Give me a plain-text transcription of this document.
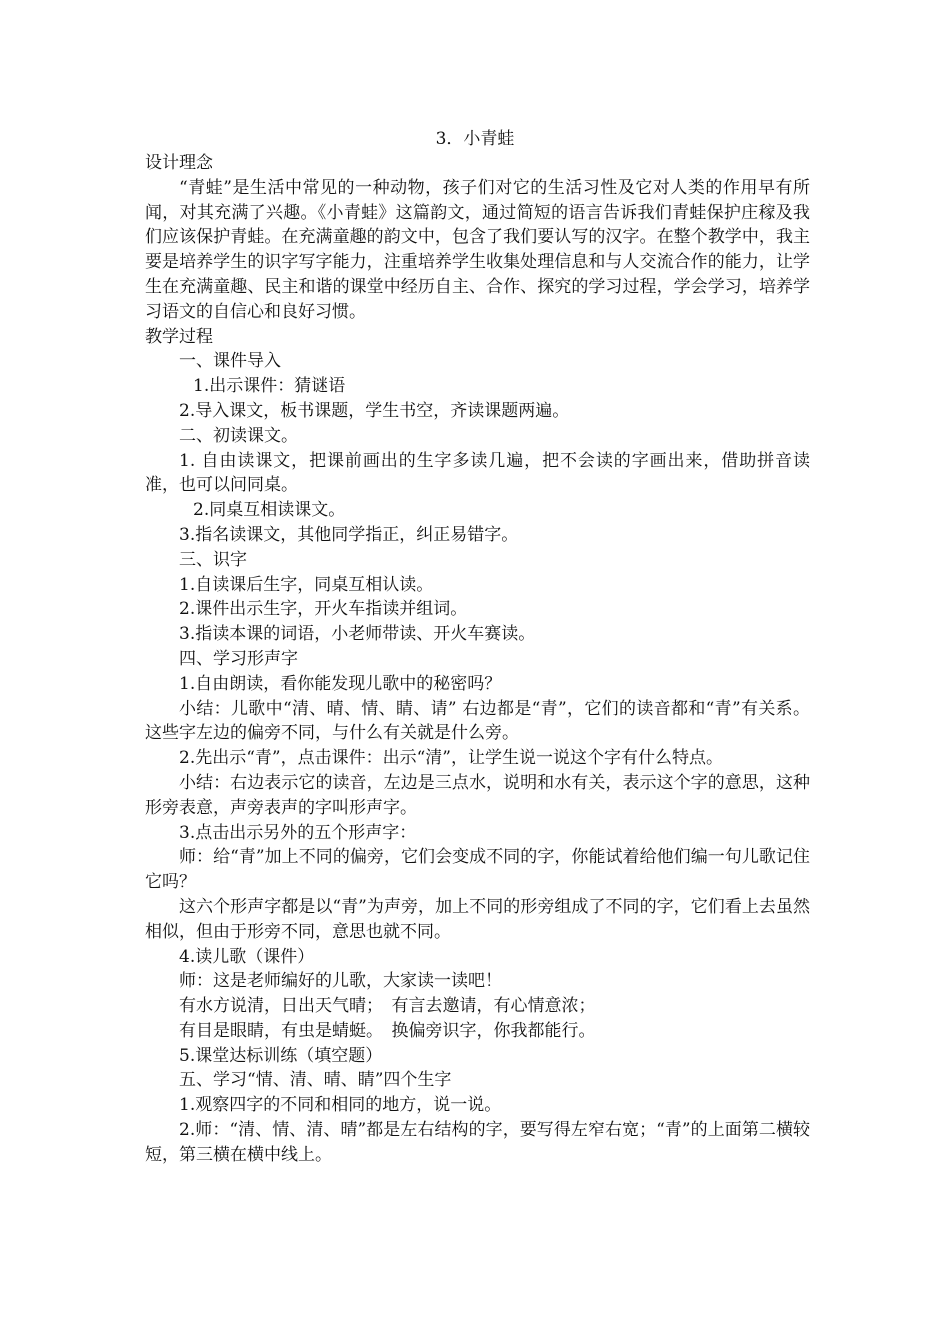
3．小青蛙

设计理念

“青蛙”是生活中常见的一种动物，孩子们对它的生活习性及它对人类的作用早有所闻，对其充满了兴趣。《小青蛙》这篇韵文，通过简短的语言告诉我们青蛙保护庄稼及我们应该保护青蛙。在充满童趣的韵文中，包含了我们要认写的汉字。在整个教学中，我主要是培养学生的识字写字能力，注重培养学生收集处理信息和与人交流合作的能力，让学生在充满童趣、民主和谐的课堂中经历自主、合作、探究的学习过程，学会学习，培养学习语文的自信心和良好习惯。

教学过程

一、课件导入

1.出示课件：猜谜语

2.导入课文，板书课题，学生书空，齐读课题两遍。

二、初读课文。

1. 自由读课文，把课前画出的生字多读几遍，把不会读的字画出来，借助拼音读准，也可以问同桌。

2.同桌互相读课文。

3.指名读课文，其他同学指正，纠正易错字。

三、识字

1.自读课后生字，同桌互相认读。

2.课件出示生字，开火车指读并组词。

3.指读本课的词语，小老师带读、开火车赛读。

四、学习形声字

1.自由朗读，看你能发现儿歌中的秘密吗？

小结：儿歌中“清、晴、情、睛、请” 右边都是“青”，它们的读音都和“青”有关系。这些字左边的偏旁不同，与什么有关就是什么旁。

2.先出示“青”，点击课件：出示“清”，让学生说一说这个字有什么特点。

小结：右边表示它的读音，左边是三点水，说明和水有关，表示这个字的意思，这种形旁表意，声旁表声的字叫形声字。

3.点击出示另外的五个形声字：

师：给“青”加上不同的偏旁，它们会变成不同的字，你能试着给他们编一句儿歌记住它吗？

这六个形声字都是以“青”为声旁，加上不同的形旁组成了不同的字，它们看上去虽然相似，但由于形旁不同，意思也就不同。

4.读儿歌（课件）

师：这是老师编好的儿歌，大家读一读吧！

有水方说清，日出天气晴；　有言去邀请，有心情意浓；

有目是眼睛，有虫是蜻蜓。　换偏旁识字，你我都能行。

5.课堂达标训练（填空题）

五、学习“情、清、晴、睛”四个生字

1.观察四字的不同和相同的地方，说一说。

2.师：“清、情、清、晴”都是左右结构的字，要写得左窄右宽；“青”的上面第二横较短，第三横在横中线上。
